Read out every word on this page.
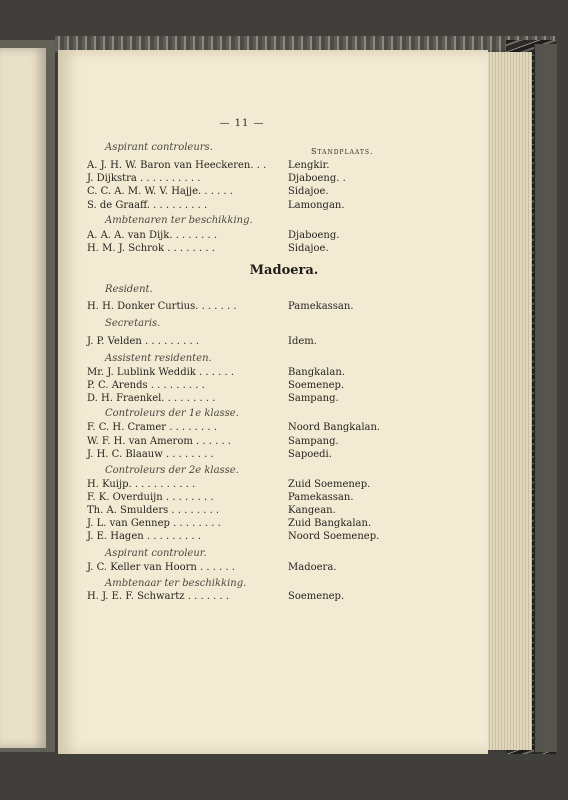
— 11 —
Standplaats.
Madoera.
Aspirant controleurs.
A. J. H. W. Baron van Heeckeren. . . Lengkir.
J. Dijkstra . . . . . . . . . .	Djaboeng. .
C. C. A. M. W. V. Hajje. . . . . .	Sidajoe.
S. de Graaff. . . . . . . . . .	Lamongan.
Ambtenaren ter beschikking.
A. A. A. van Dijk. . . . . . . .	Djaboeng.
H. M. J. Schrok . . . . . . . .	Sidajoe.
Resident.
H. H. Donker Curtius. . . . . . .	Pamekassan.
Secretaris.
J. P. Velden . . . . . . . . .	Idem.
Assistent residenten.
Mr. J. Lublink Weddik . . . . . .	Bangkalan.
P. C. Arends . . . . . . . . .	Soemenep.
D. H. Fraenkel. . . . . . . . .	Sampang.
Controleurs der 1e klasse.
F. C. H. Cramer . . . . . . . .	Noord Bangkalan.
W. F. H. van Amerom . . . . . .	Sampang.
J. H. C. Blaauw . . . . . . . .	Sapoedi.
Controleurs der 2e klasse.
H. Kuijp. . . . . . . . . . .	Zuid Soemenep.
F. K. Overduijn . . . . . . . .	Pamekassan.
Th. A. Smulders . . . . . . . .	Kangean.
J. L. van Gennep . . . . . . . .	Zuid Bangkalan.
J. E. Hagen . . . . . . . . .	Noord Soemenep.
Aspirant controleur.
J. C. Keller van Hoorn . . . . . .	Madoera.
Ambtenaar ter beschikking.
H. J. E. F. Schwartz . . . . . . .	Soemenep.
